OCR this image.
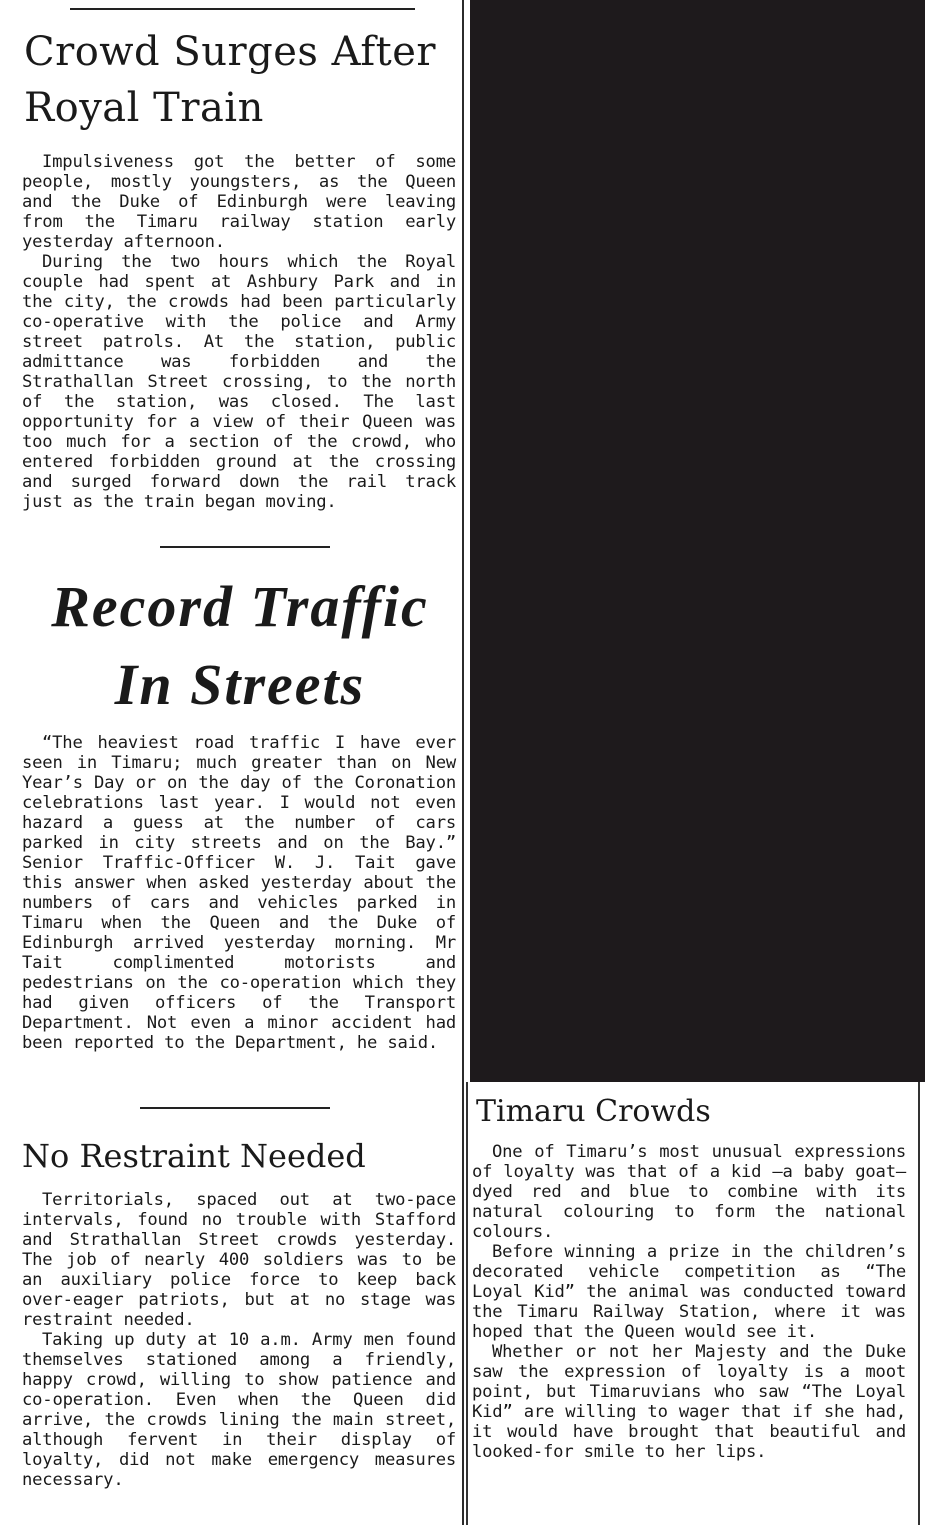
Crowd Surges After
Royal Train

Impulsiveness got the better of some people, mostly youngsters, as the Queen and the Duke of Edinburgh were leaving from the Timaru railway station early yesterday afternoon.

During the two hours which the Royal couple had spent at Ashbury Park and in the city, the crowds had been particularly co-operative with the police and Army street patrols. At the station, public admittance was forbidden and the Strathallan Street crossing, to the north of the station, was closed. The last opportunity for a view of their Queen was too much for a section of the crowd, who entered forbidden ground at the crossing and surged forward down the rail track just as the train began moving.

Record Traffic
In Streets

“The heaviest road traffic I have ever seen in Timaru; much greater than on New Year’s Day or on the day of the Coronation celebrations last year. I would not even hazard a guess at the number of cars parked in city streets and on the Bay.” Senior Traffic-Officer W. J. Tait gave this answer when asked yesterday about the numbers of cars and vehicles parked in Timaru when the Queen and the Duke of Edinburgh arrived yesterday morning. Mr Tait complimented motorists and pedestrians on the co-operation which they had given officers of the Transport Department. Not even a minor accident had been reported to the Department, he said.

No Restraint Needed

Territorials, spaced out at two-pace intervals, found no trouble with Stafford and Strathallan Street crowds yesterday. The job of nearly 400 soldiers was to be an auxiliary police force to keep back over-eager patriots, but at no stage was restraint needed.

Taking up duty at 10 a.m. Army men found themselves stationed among a friendly, happy crowd, willing to show patience and co-operation. Even when the Queen did arrive, the crowds lining the main street, although fervent in their display of loyalty, did not make emergency measures necessary.

Timaru Crowds

One of Timaru’s most unusual expressions of loyalty was that of a kid —a baby goat—dyed red and blue to combine with its natural colouring to form the national colours.

Before winning a prize in the children’s decorated vehicle competition as “The Loyal Kid” the animal was conducted toward the Timaru Railway Station, where it was hoped that the Queen would see it.

Whether or not her Majesty and the Duke saw the expression of loyalty is a moot point, but Timaruvians who saw “The Loyal Kid” are willing to wager that if she had, it would have brought that beautiful and looked-for smile to her lips.
